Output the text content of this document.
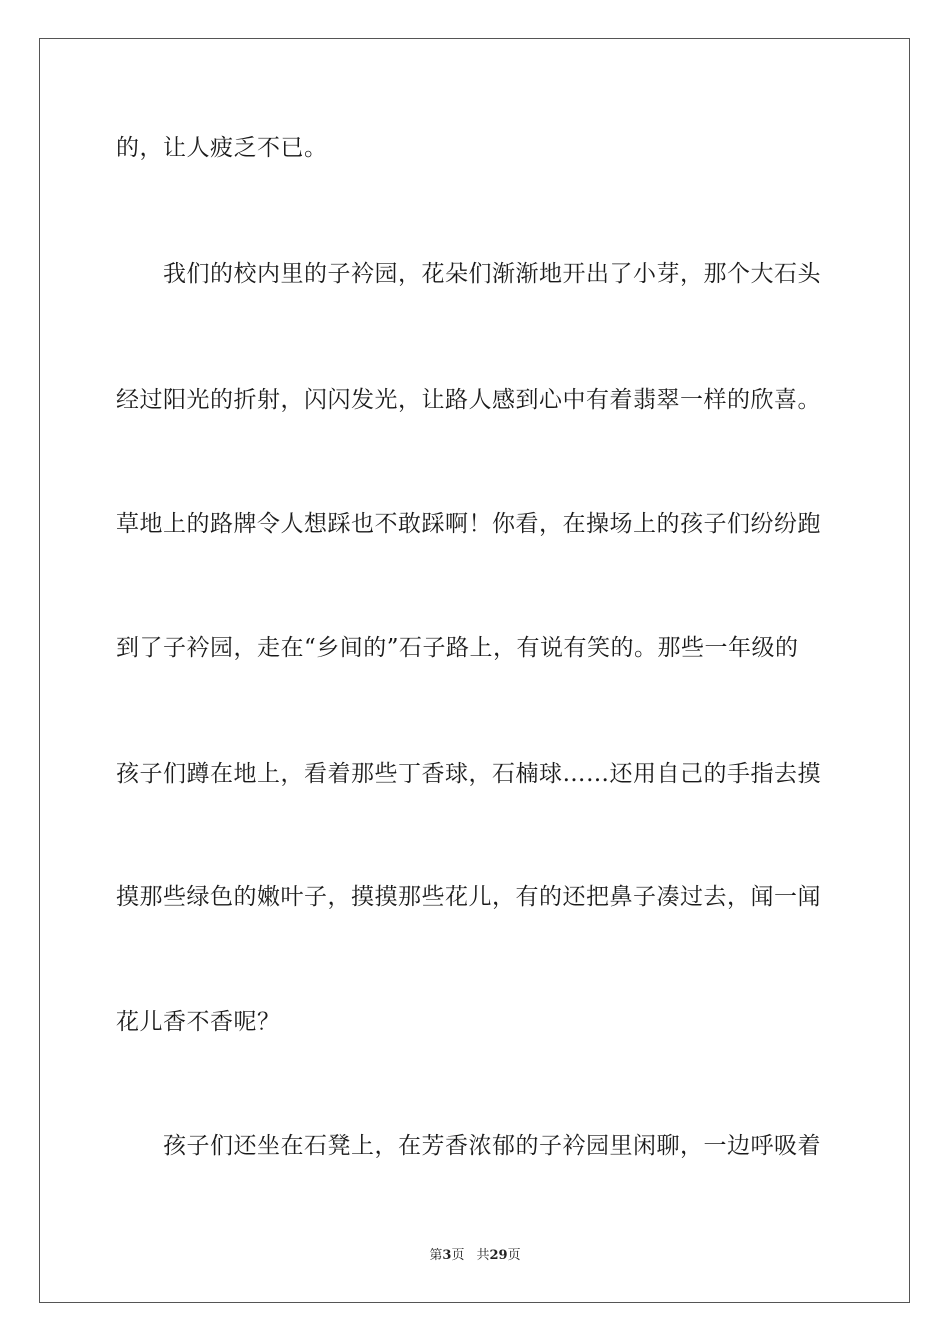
的，让人疲乏不已。
我们的校内里的子衿园，花朵们渐渐地开出了小芽，那个大石头
经过阳光的折射，闪闪发光，让路人感到心中有着翡翠一样的欣喜。
草地上的路牌令人想踩也不敢踩啊！你看，在操场上的孩子们纷纷跑
到了子衿园，走在“乡间的”石子路上，有说有笑的。那些一年级的
孩子们蹲在地上，看着那些丁香球，石楠球……还用自己的手指去摸
摸那些绿色的嫩叶子，摸摸那些花儿，有的还把鼻子凑过去，闻一闻
花儿香不香呢？
孩子们还坐在石凳上，在芳香浓郁的子衿园里闲聊，一边呼吸着
第3页 共29页
